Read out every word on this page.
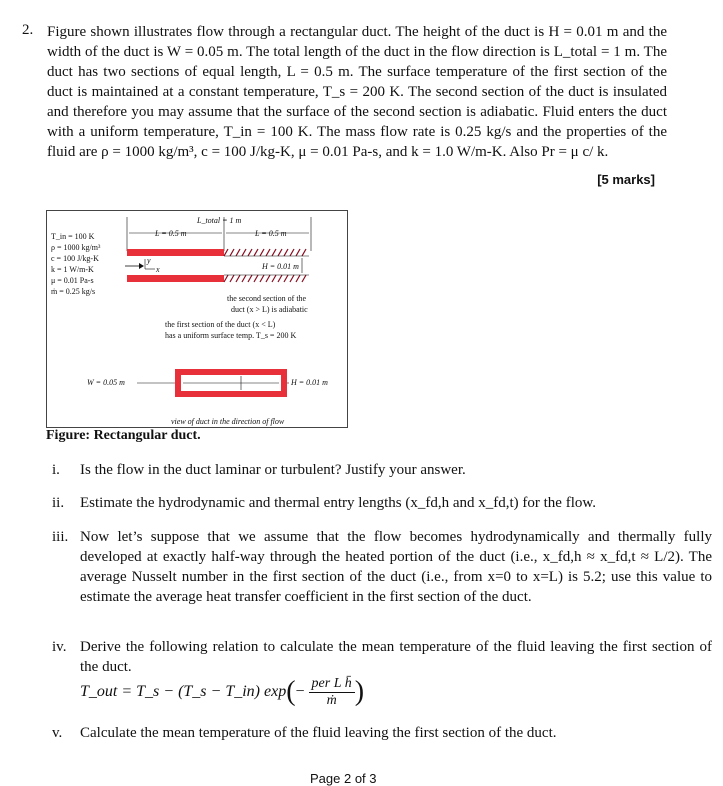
2. Figure shown illustrates flow through a rectangular duct. The height of the duct is H = 0.01 m and the width of the duct is W = 0.05 m. The total length of the duct in the flow direction is L_total = 1 m. The duct has two sections of equal length, L = 0.5 m. The surface temperature of the first section of the duct is maintained at a constant temperature, T_s = 200 K. The second section of the duct is insulated and therefore you may assume that the surface of the second section is adiabatic. Fluid enters the duct with a uniform temperature, T_in = 100 K. The mass flow rate is 0.25 kg/s and the properties of the fluid are ρ = 1000 kg/m³, c = 100 J/kg-K, μ = 0.01 Pa-s, and k = 1.0 W/m-K. Also Pr = μ c/ k.

[5 marks]
T_in = 100 K
ρ = 1000 kg/m³
c = 100 J/kg-K
k = 1 W/m-K
μ = 0.01 Pa-s
ṁ = 0.25 kg/s
L_total = 1 m
L = 0.5 m	L = 0.5 m
y
x	H = 0.01 m
the second section of the
duct (x > L) is adiabatic
the first section of the duct (x < L)
has a uniform surface temp. T_s = 200 K
W = 0.05 m	H = 0.01 m
view of duct in the direction of flow
Figure: Rectangular duct.
i.	Is the flow in the duct laminar or turbulent? Justify your answer.

ii.	Estimate the hydrodynamic and thermal entry lengths (x_fd,h and x_fd,t) for the flow.

iii. Now let’s suppose that we assume that the flow becomes hydrodynamically and thermally fully developed at exactly half-way through the heated portion of the duct (i.e., x_fd,h ≈ x_fd,t ≈ L/2). The average Nusselt number in the first section of the duct (i.e., from x=0 to x=L) is 5.2; use this value to estimate the average heat transfer coefficient in the first section of the duct.

iv. Derive the following relation to calculate the mean temperature of the fluid leaving the first section of the duct.

T_out = T_s − (T_s − T_in) exp ( − per L h̄
ṁ )
v.	Calculate the mean temperature of the fluid leaving the first section of the duct.

Page 2 of 3
